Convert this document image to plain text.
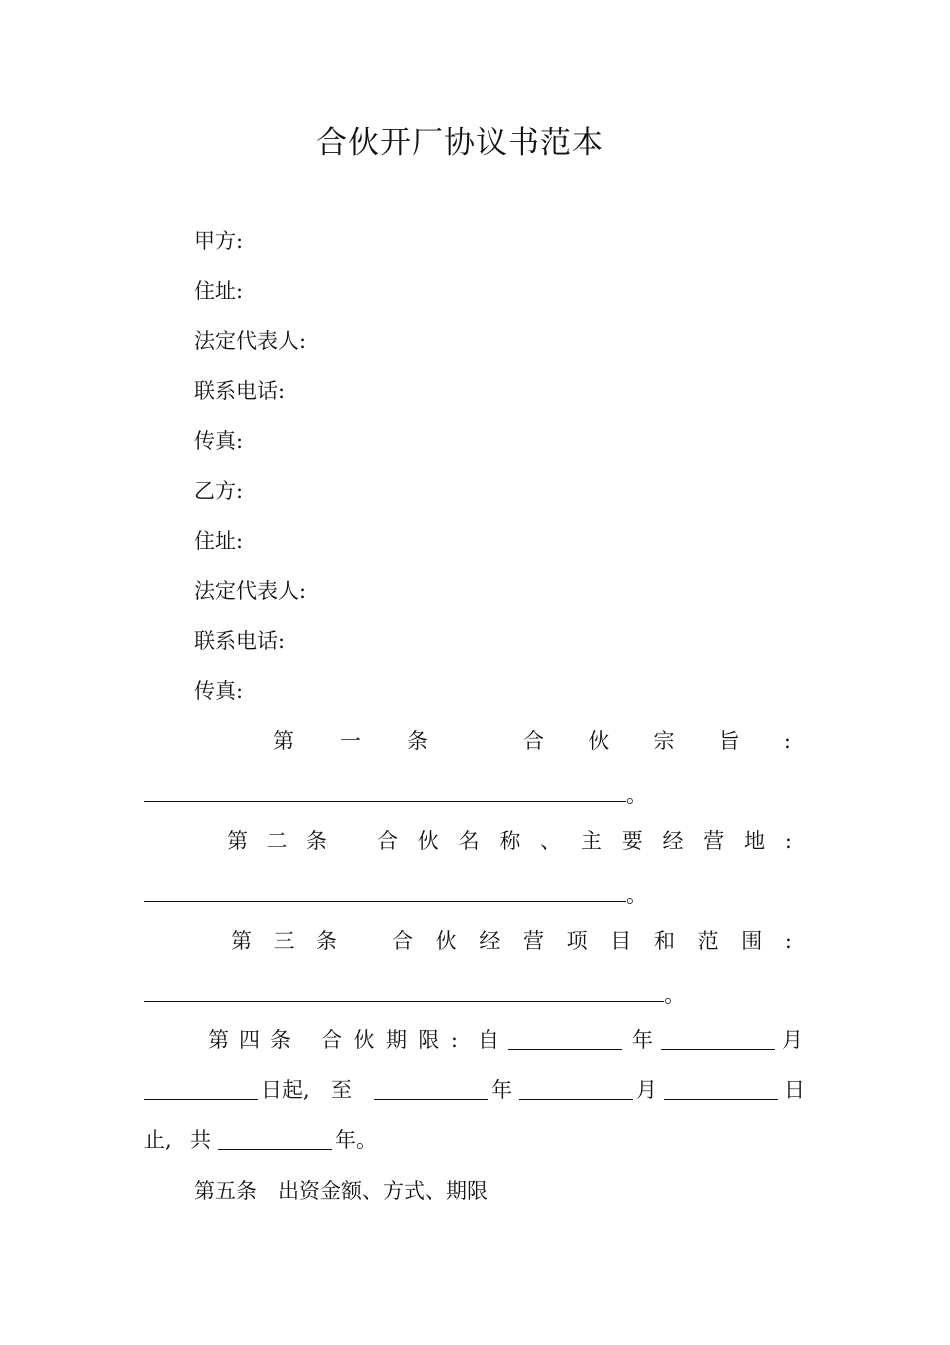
合伙开厂协议书范本
甲方:
住址:
法定代表人:
联系电话:
传真:
乙方:
住址:
法定代表人:
联系电话:
传真:
第 一 条	合 伙 宗 旨 :
。
第 二 条 合 伙 名 称 、 主 要 经 营 地 :
。
第 三 条	合 伙 经 营 项 目 和 范 围 :
。
第 四 条 合 伙 期 限 : 自	年	月
日起, 至	年	月	日
止, 共	年。
第五条　出资金额、方式、期限
